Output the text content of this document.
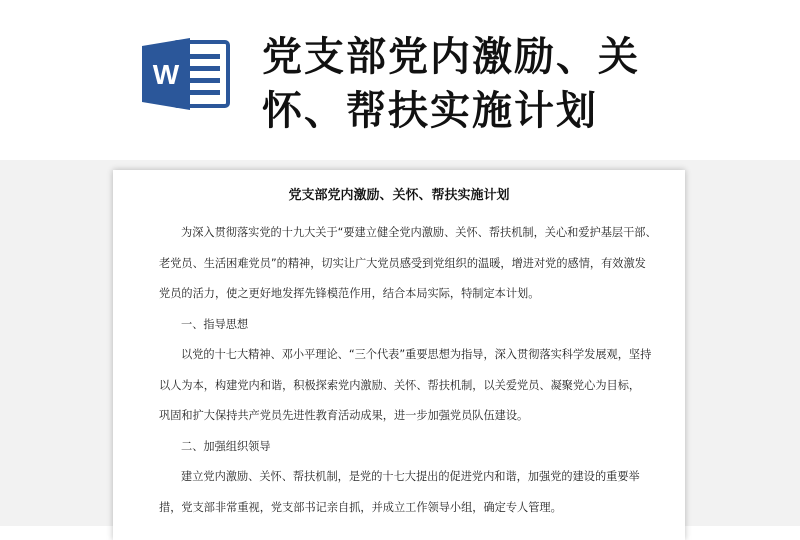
W 党支部党内激励、关
怀、帮扶实施计划
党支部党内激励、关怀、帮扶实施计划
为深入贯彻落实党的十九大关于“要建立健全党内激励、关怀、帮扶机制，关心和爱护基层干部、
老党员、生活困难党员”的精神，切实让广大党员感受到党组织的温暖，增进对党的感情，有效激发
党员的活力，使之更好地发挥先锋模范作用，结合本局实际，特制定本计划。
一、指导思想
以党的十七大精神、邓小平理论、“三个代表”重要思想为指导，深入贯彻落实科学发展观，坚持
以人为本，构建党内和谐，积极探索党内激励、关怀、帮扶机制，以关爱党员、凝聚党心为目标，
巩固和扩大保持共产党员先进性教育活动成果，进一步加强党员队伍建设。
二、加强组织领导
建立党内激励、关怀、帮扶机制，是党的十七大提出的促进党内和谐，加强党的建设的重要举
措，党支部非常重视，党支部书记亲自抓，并成立工作领导小组，确定专人管理。
